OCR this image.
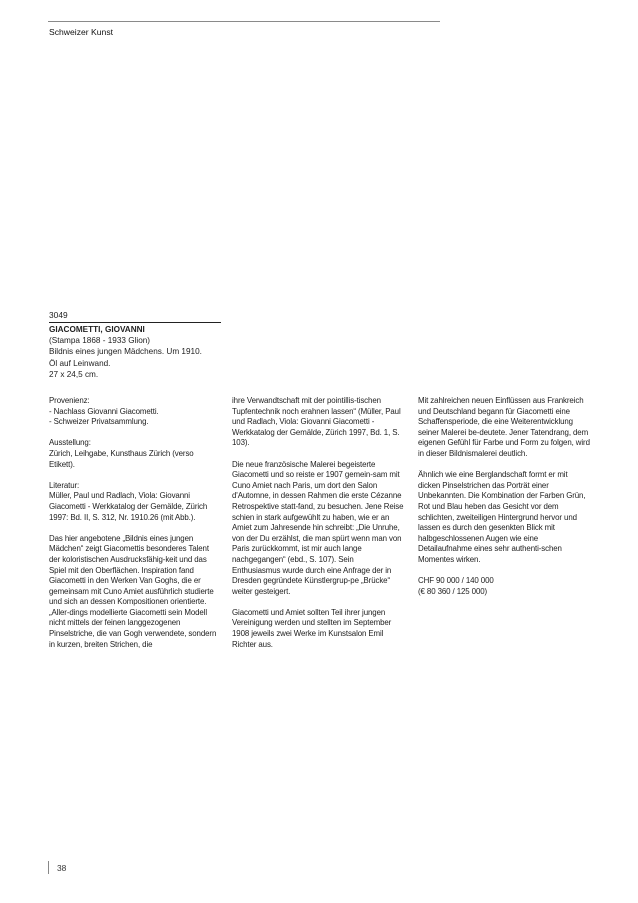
Schweizer Kunst
3049
GIACOMETTI, GIOVANNI
(Stampa 1868 - 1933 Glion)
Bildnis eines jungen Mädchens. Um 1910.
Öl auf Leinwand.
27 x 24,5 cm.

Provenienz:
- Nachlass Giovanni Giacometti.
- Schweizer Privatsammlung.

Ausstellung:
Zürich, Leihgabe, Kunsthaus Zürich (verso Etikett).

Literatur:
Müller, Paul und Radlach, Viola: Giovanni Giacometti - Werkkatalog der Gemälde, Zürich 1997: Bd. II, S. 312, Nr. 1910.26 (mit Abb.).

Das hier angebotene „Bildnis eines jungen Mädchen“ zeigt Giacomettis besonderes Talent der koloristischen Ausdrucksfähig-keit und das Spiel mit den Oberflächen. Inspiration fand Giacometti in den Werken Van Goghs, die er gemeinsam mit Cuno Amiet ausführlich studierte und sich an dessen Kompositionen orientierte. „Aller-dings modellierte Giacometti sein Modell nicht mittels der feinen langgezogenen Pinselstriche, die van Gogh verwendete, sondern in kurzen, breiten Strichen, die

ihre Verwandtschaft mit der pointillis-tischen Tupfentechnik noch erahnen lassen“ (Müller, Paul und Radlach, Viola: Giovanni Giacometti - Werkkatalog der Gemälde, Zürich 1997, Bd. 1, S. 103).

Die neue französische Malerei begeisterte Giacometti und so reiste er 1907 gemein-sam mit Cuno Amiet nach Paris, um dort den Salon d'Automne, in dessen Rahmen die erste Cézanne Retrospektive statt-fand, zu besuchen. Jene Reise schien in stark aufgewühlt zu haben, wie er an Amiet zum Jahresende hin schreibt: „Die Unruhe, von der Du erzählst, die man spürt wenn man von Paris zurückkommt, ist mir auch lange nachgegangen“ (ebd., S. 107). Sein Enthusiasmus wurde durch eine Anfrage der in Dresden gegründete Künstlergrup-pe „Brücke“ weiter gesteigert.

Giacometti und Amiet sollten Teil ihrer jungen Vereinigung werden und stellten im September 1908 jeweils zwei Werke im Kunstsalon Emil Richter aus.

Mit zahlreichen neuen Einflüssen aus Frankreich und Deutschland begann für Giacometti eine Schaffensperiode, die eine Weiterentwicklung seiner Malerei be-deutete. Jener Tatendrang, dem eigenen Gefühl für Farbe und Form zu folgen, wird in dieser Bildnismalerei deutlich.

Ähnlich wie eine Berglandschaft formt er mit dicken Pinselstrichen das Porträt einer Unbekannten. Die Kombination der Farben Grün, Rot und Blau heben das Gesicht vor dem schlichten, zweiteiligen Hintergrund hervor und lassen es durch den gesenkten Blick mit halbgeschlossenen Augen wie eine Detailaufnahme eines sehr authenti-schen Momentes wirken.

CHF 90 000 / 140 000
(€ 80 360 / 125 000)
38
